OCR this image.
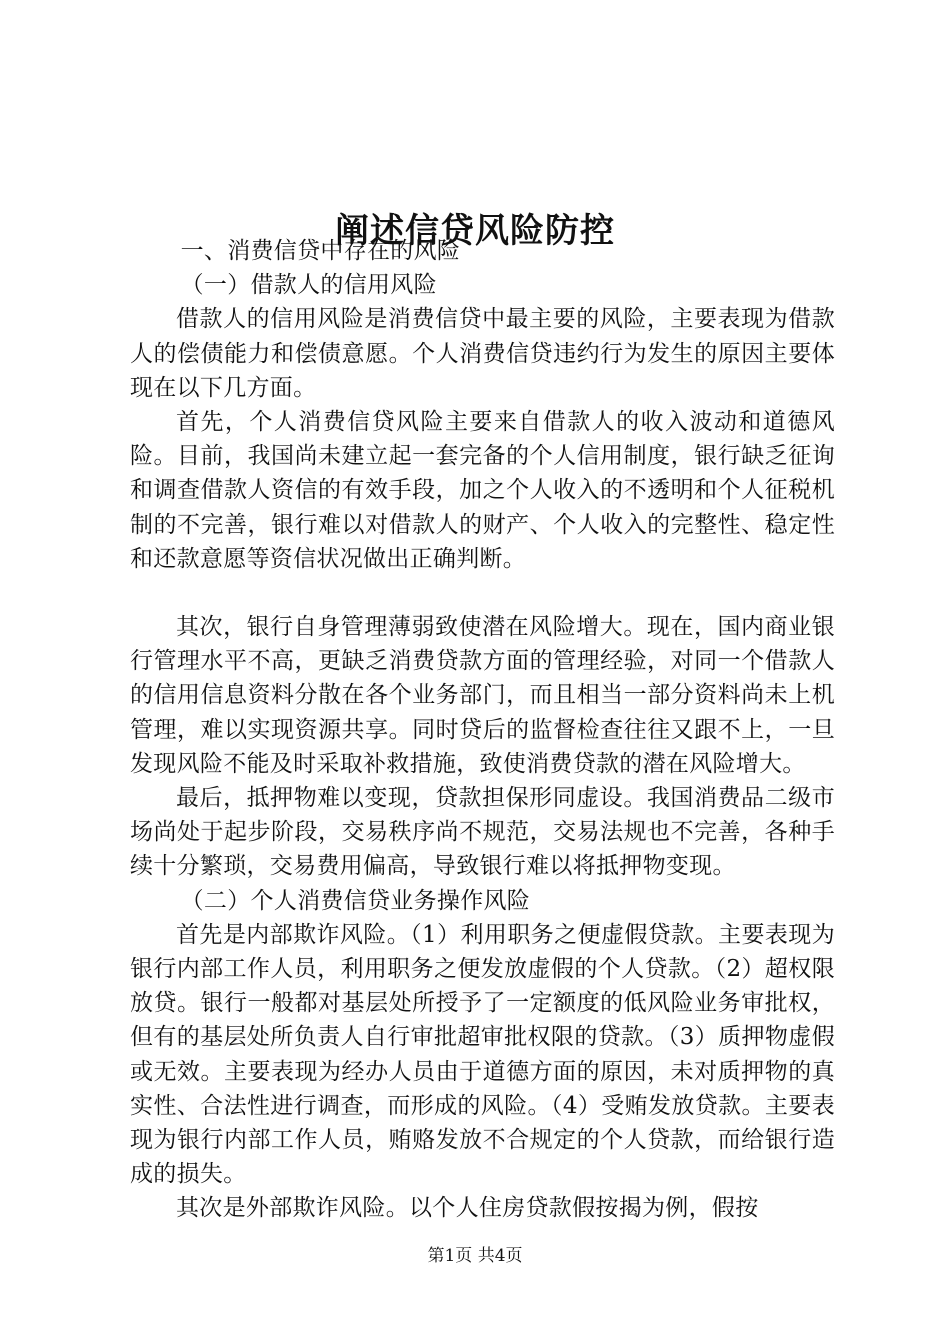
阐述信贷风险防控

一、消费信贷中存在的风险

（一）借款人的信用风险

借款人的信用风险是消费信贷中最主要的风险，主要表现为借款人的偿债能力和偿债意愿。个人消费信贷违约行为发生的原因主要体现在以下几方面。

首先，个人消费信贷风险主要来自借款人的收入波动和道德风险。目前，我国尚未建立起一套完备的个人信用制度，银行缺乏征询和调查借款人资信的有效手段，加之个人收入的不透明和个人征税机制的不完善，银行难以对借款人的财产、个人收入的完整性、稳定性和还款意愿等资信状况做出正确判断。

其次，银行自身管理薄弱致使潜在风险增大。现在，国内商业银行管理水平不高，更缺乏消费贷款方面的管理经验，对同一个借款人的信用信息资料分散在各个业务部门，而且相当一部分资料尚未上机管理，难以实现资源共享。同时贷后的监督检查往往又跟不上，一旦发现风险不能及时采取补救措施，致使消费贷款的潜在风险增大。

最后，抵押物难以变现，贷款担保形同虚设。我国消费品二级市场尚处于起步阶段，交易秩序尚不规范，交易法规也不完善，各种手续十分繁琐，交易费用偏高，导致银行难以将抵押物变现。

（二）个人消费信贷业务操作风险

首先是内部欺诈风险。（1）利用职务之便虚假贷款。主要表现为银行内部工作人员，利用职务之便发放虚假的个人贷款。（2）超权限放贷。银行一般都对基层处所授予了一定额度的低风险业务审批权，但有的基层处所负责人自行审批超审批权限的贷款。（3）质押物虚假或无效。主要表现为经办人员由于道德方面的原因，未对质押物的真实性、合法性进行调查，而形成的风险。（4）受贿发放贷款。主要表现为银行内部工作人员，贿赂发放不合规定的个人贷款，而给银行造成的损失。

其次是外部欺诈风险。以个人住房贷款假按揭为例，假按

第1页 共4页
